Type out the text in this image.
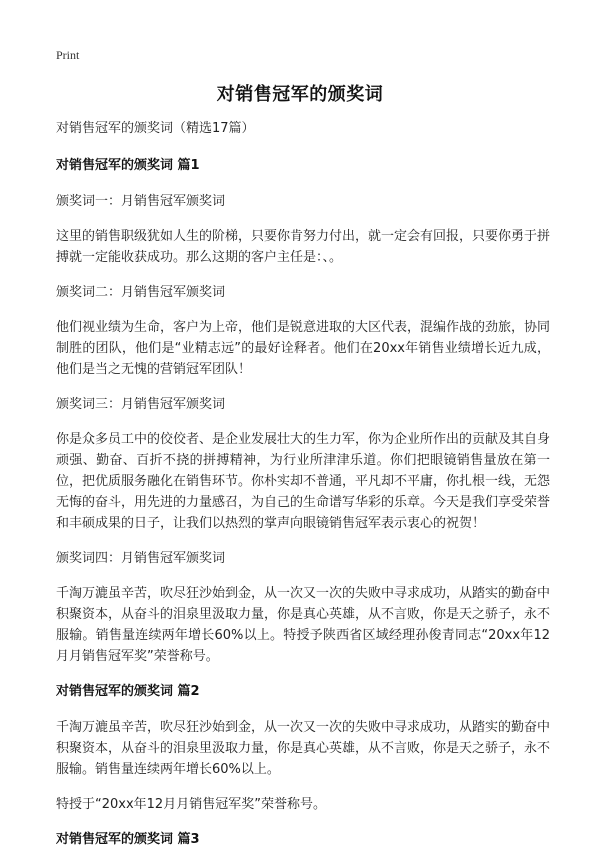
Print
对销售冠军的颁奖词

对销售冠军的颁奖词（精选17篇）

对销售冠军的颁奖词 篇1

颁奖词一：月销售冠军颁奖词

这里的销售职级犹如人生的阶梯，只要你肯努力付出，就一定会有回报，只要你勇于拼搏就一定能收获成功。那么这期的客户主任是：、。

颁奖词二：月销售冠军颁奖词

他们视业绩为生命，客户为上帝，他们是锐意进取的大区代表，混编作战的劲旅，协同制胜的团队，他们是“业精志远”的最好诠释者。他们在20xx年销售业绩增长近九成，他们是当之无愧的营销冠军团队！

颁奖词三：月销售冠军颁奖词

你是众多员工中的佼佼者、是企业发展壮大的生力军，你为企业所作出的贡献及其自身顽强、勤奋、百折不挠的拼搏精神，为行业所津津乐道。你们把眼镜销售量放在第一位，把优质服务融化在销售环节。你朴实却不普通，平凡却不平庸，你扎根一线，无怨无悔的奋斗，用先进的力量感召，为自己的生命谱写华彩的乐章。今天是我们享受荣誉和丰硕成果的日子，让我们以热烈的掌声向眼镜销售冠军表示衷心的祝贺！

颁奖词四：月销售冠军颁奖词

千淘万漉虽辛苦，吹尽狂沙始到金，从一次又一次的失败中寻求成功，从踏实的勤奋中积聚资本，从奋斗的泪泉里汲取力量，你是真心英雄，从不言败，你是天之骄子，永不服输。销售量连续两年增长60%以上。特授予陕西省区域经理孙俊青同志“20xx年12月月销售冠军奖”荣誉称号。

对销售冠军的颁奖词 篇2

千淘万漉虽辛苦，吹尽狂沙始到金，从一次又一次的失败中寻求成功，从踏实的勤奋中积聚资本，从奋斗的泪泉里汲取力量，你是真心英雄，从不言败，你是天之骄子，永不服输。销售量连续两年增长60%以上。

特授于“20xx年12月月销售冠军奖”荣誉称号。

对销售冠军的颁奖词 篇3
